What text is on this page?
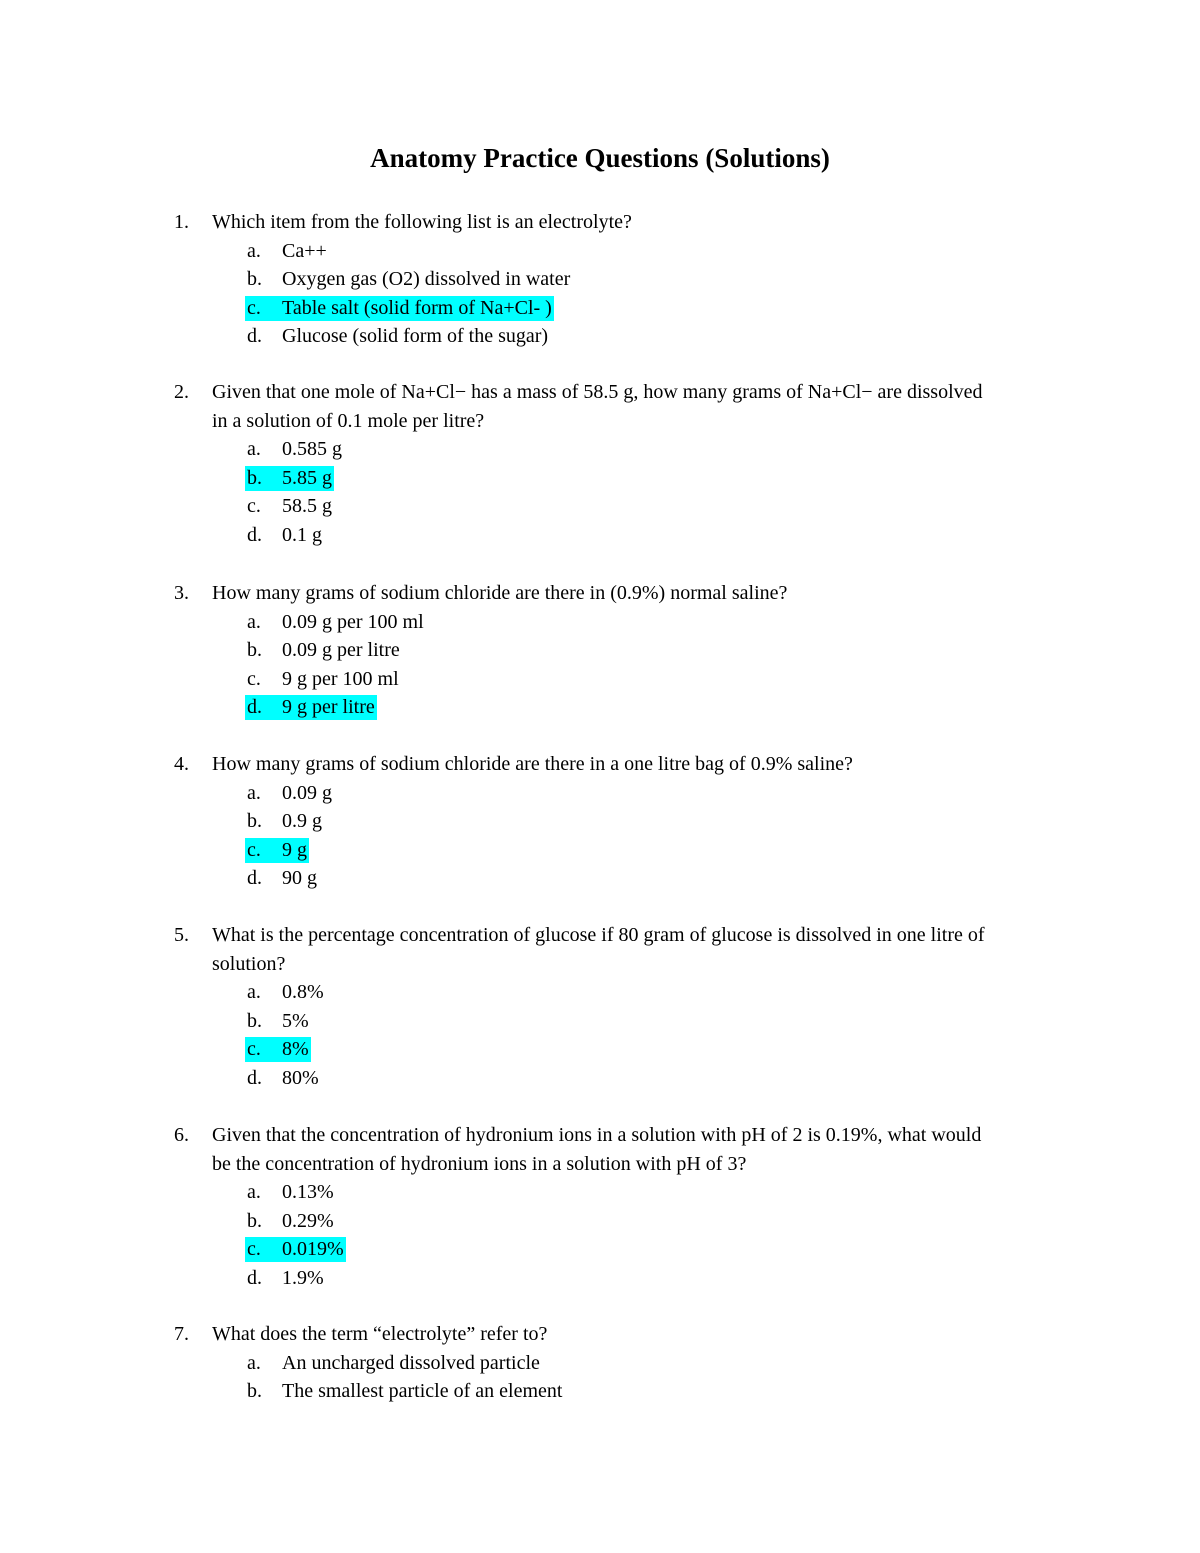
Anatomy Practice Questions (Solutions)
1. Which item from the following list is an electrolyte?
a. Ca++
b. Oxygen gas (O2) dissolved in water
c. Table salt (solid form of Na+Cl- )
d. Glucose (solid form of the sugar)
2. Given that one mole of Na+Cl− has a mass of 58.5 g, how many grams of Na+Cl− are dissolved
in a solution of 0.1 mole per litre?
a. 0.585 g
b. 5.85 g
c. 58.5 g
d. 0.1 g
3. How many grams of sodium chloride are there in (0.9%) normal saline?
a. 0.09 g per 100 ml
b. 0.09 g per litre
c. 9 g per 100 ml
d. 9 g per litre
4. How many grams of sodium chloride are there in a one litre bag of 0.9% saline?
a. 0.09 g
b. 0.9 g
c. 9 g
d. 90 g
5. What is the percentage concentration of glucose if 80 gram of glucose is dissolved in one litre of
solution?
a. 0.8%
b. 5%
c. 8%
d. 80%
6. Given that the concentration of hydronium ions in a solution with pH of 2 is 0.19%, what would
be the concentration of hydronium ions in a solution with pH of 3?
a. 0.13%
b. 0.29%
c. 0.019%
d. 1.9%
7. What does the term “electrolyte” refer to?
a. An uncharged dissolved particle
b. The smallest particle of an element
